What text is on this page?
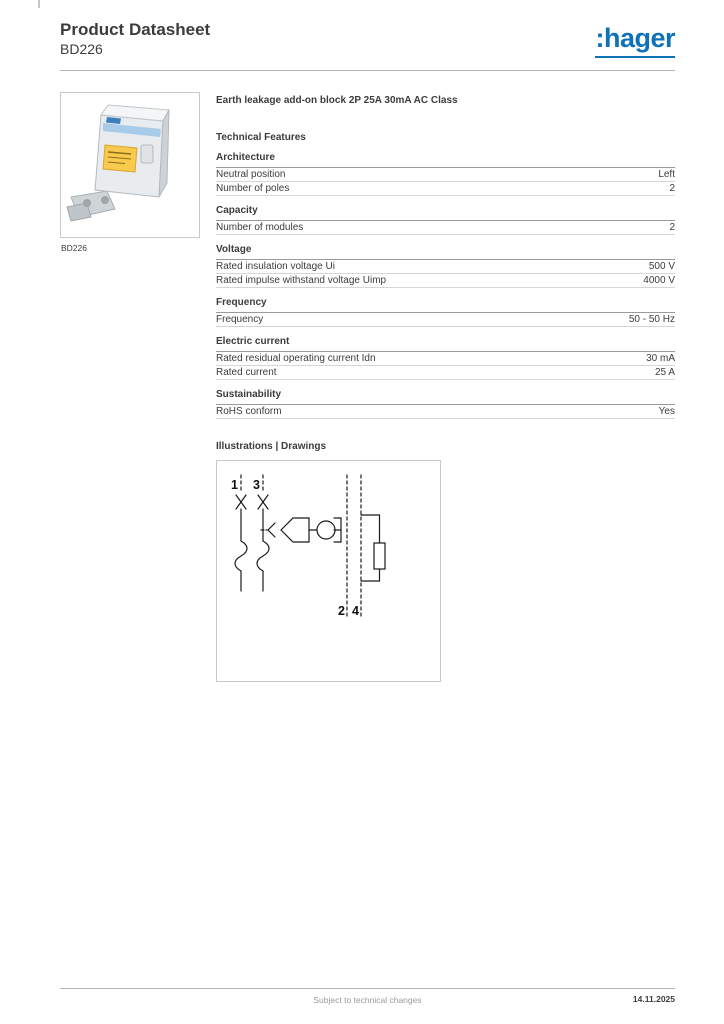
Product Datasheet
BD226	:hager
BD226
Earth leakage add-on block 2P 25A 30mA AC Class
Technical Features
Architecture
Neutral position	Left
Number of poles	2
Capacity
Number of modules	2
Voltage
Rated insulation voltage Ui	500 V
Rated impulse withstand voltage Uimp	4000 V
Frequency
Frequency	50 - 50 Hz
Electric current
Rated residual operating current Idn	30 mA
Rated current	25 A
Sustainability
RoHS conform	Yes
Illustrations | Drawings
1 3
2 4
Subject to technical changes	14.11.2025
